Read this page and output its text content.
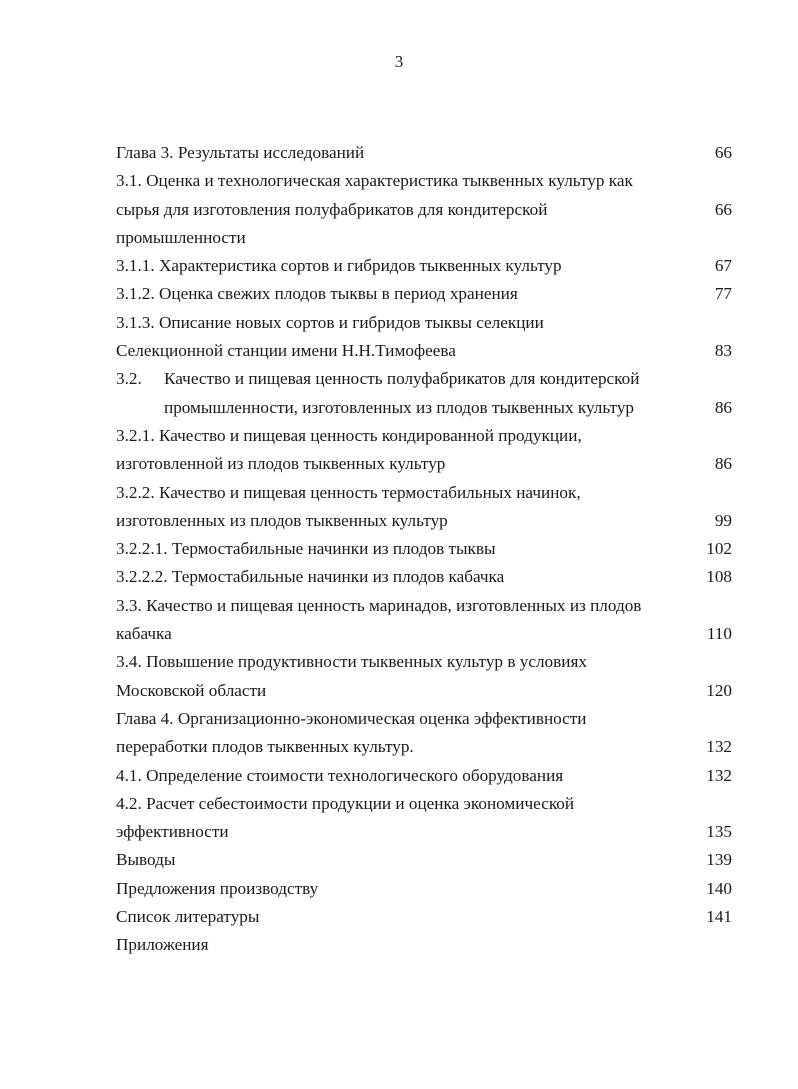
3
Глава 3. Результаты исследований	66
3.1. Оценка и технологическая характеристика тыквенных культур как
сырья для изготовления полуфабрикатов для кондитерской	66
промышленности
3.1.1. Характеристика сортов и гибридов тыквенных культур	67
3.1.2. Оценка свежих плодов тыквы в период хранения	77
3.1.3. Описание новых сортов и гибридов тыквы селекции
Селекционной станции имени Н.Н.Тимофеева	83
3.2. Качество и пищевая ценность полуфабрикатов для кондитерской
промышленности, изготовленных из плодов тыквенных культур	86
3.2.1. Качество и пищевая ценность кондированной продукции,
изготовленной из плодов тыквенных культур	86
3.2.2. Качество и пищевая ценность термостабильных начинок,
изготовленных из плодов тыквенных культур	99
3.2.2.1. Термостабильные начинки из плодов тыквы	102
3.2.2.2. Термостабильные начинки из плодов кабачка	108
3.3. Качество и пищевая ценность маринадов, изготовленных из плодов
кабачка	110
3.4. Повышение продуктивности тыквенных культур в условиях
Московской области	120
Глава 4. Организационно-экономическая оценка эффективности
переработки плодов тыквенных культур.	132
4.1. Определение стоимости технологического оборудования	132
4.2. Расчет себестоимости продукции и оценка экономической
эффективности	135
Выводы	139
Предложения производству	140
Список литературы	141
Приложения
